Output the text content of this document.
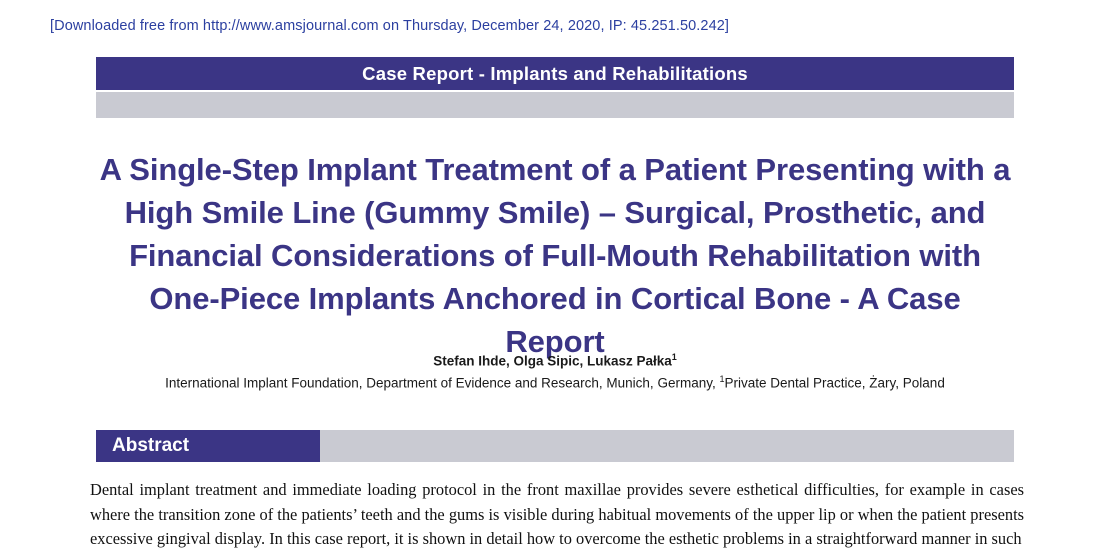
[Downloaded free from http://www.amsjournal.com on Thursday, December 24, 2020, IP: 45.251.50.242]
Case Report - Implants and Rehabilitations
A Single-Step Implant Treatment of a Patient Presenting with a High Smile Line (Gummy Smile) – Surgical, Prosthetic, and Financial Considerations of Full-Mouth Rehabilitation with One-Piece Implants Anchored in Cortical Bone - A Case Report
Stefan Ihde, Olga Sipic, Lukasz Pałka$^1$
International Implant Foundation, Department of Evidence and Research, Munich, Germany, $^1$Private Dental Practice, Żary, Poland
Abstract
Dental implant treatment and immediate loading protocol in the front maxillae provides severe esthetical difficulties, for example in cases where the transition zone of the patients’ teeth and the gums is visible during habitual movements of the upper lip or when the patient presents excessive gingival display. In this case report, it is shown in detail how to overcome the esthetic problems in a straightforward manner in such
